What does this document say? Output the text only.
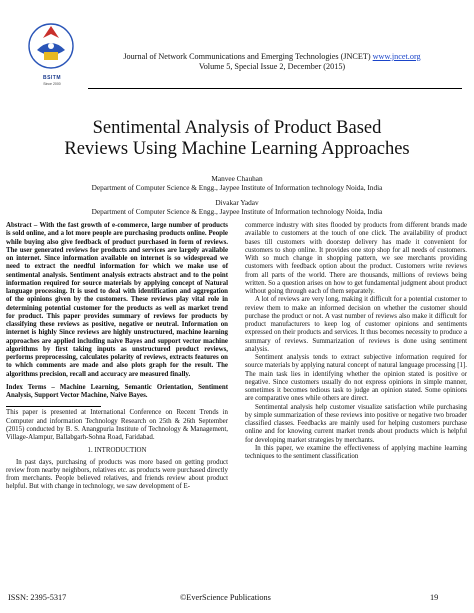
BSITM
Since 2000
Journal of Network Communications and Emerging Technologies (JNCET) www.jncet.org
Volume 5, Special Issue 2, December (2015)
Sentimental Analysis of Product Based
Reviews Using Machine Learning Approaches
Manvee Chauhan
Department of Computer Science & Engg., Jaypee Institute of Information technology Noida, India
Divakar Yadav
Department of Computer Science & Engg., Jaypee Institute of Information technology Noida, India

Abstract – With the fast growth of e-commerce, large number of products is sold online, and a lot more people are purchasing products online. People while buying also give feedback of product purchased in form of reviews. The user generated reviews for products and services are largely available on internet. Since information available on internet is so widespread we need to extract the needful information for which we make use of sentimental analysis. Sentiment analysis extracts abstract and to the point information required for source materials by applying concept of Natural language processing. It is used to deal with identification and aggregation of the opinions given by the customers. These reviews play vital role in determining potential customer for the products as well as market trend for product. This paper provides summary of reviews for products by classifying these reviews as positive, negative or neutral. Information on internet is highly Since reviews are highly unstructured, machine learning approaches are applied including naive Bayes and support vector machine algorithms by first taking inputs as unstructured product reviews, performs preprocessing, calculates polarity of reviews, extracts features on to which comments are made and also plots graph for the result. The algorithms precision, recall and accuracy are measured finally.

Index Terms – Machine Learning, Semantic Orientation, Sentiment Analysis, Support Vector Machine, Naive Bayes.

This paper is presented at International Conference on Recent Trends in Computer and information Technology Research on 25th & 26th September (2015) conducted by B. S. Anangpuria Institute of Technology & Management, Village-Alampur, Ballabgarh-Sohna Road, Faridabad.

1. INTRODUCTION

In past days, purchasing of products was more based on getting product review from nearby neighbors, relatives etc. as products were purchased directly from merchants. People believed relatives, and friends review about product helpful. But with change in technology, we saw development of E-

commerce industry with sites flooded by products from different brands made available to customers at the touch of one click. The availability of product bases till customers with doorstep delivery has made it convenient for customers to shop online. It provides one stop shop for all needs of customers. With so much change in shopping pattern, we see merchants providing customers with feedback option about the product. Customers write reviews from all parts of the world. There are thousands, millions of reviews being written. So a question arises on how to get fundamental judgment about product without going through each of them separately.

A lot of reviews are very long, making it difficult for a potential customer to review them to make an informed decision on whether the customer should purchase the product or not. A vast number of reviews also make it difficult for product manufacturers to keep log of customer opinions and sentiments expressed on their products and services. It thus becomes necessity to produce a summary of reviews. Summarization of reviews is done using sentiment analysis.

Sentiment analysis tends to extract subjective information required for source materials by applying natural concept of natural language processing [1]. The main task lies in identifying whether the opinion stated is positive or negative. Since customers usually do not express opinions in simple manner, sometimes it becomes tedious task to judge an opinion stated. Some opinions are comparative ones while others are direct.

Sentimental analysis help customer visualize satisfaction while purchasing by simple summarization of these reviews into positive or negative two broader classified classes. Feedbacks are mainly used for helping customers purchase online and for knowing current market trends about products which is helpful for developing market strategies by merchants.

In this paper, we examine the effectiveness of applying machine learning techniques to the sentiment classification

ISSN: 2395-5317	©EverScience Publications	19
